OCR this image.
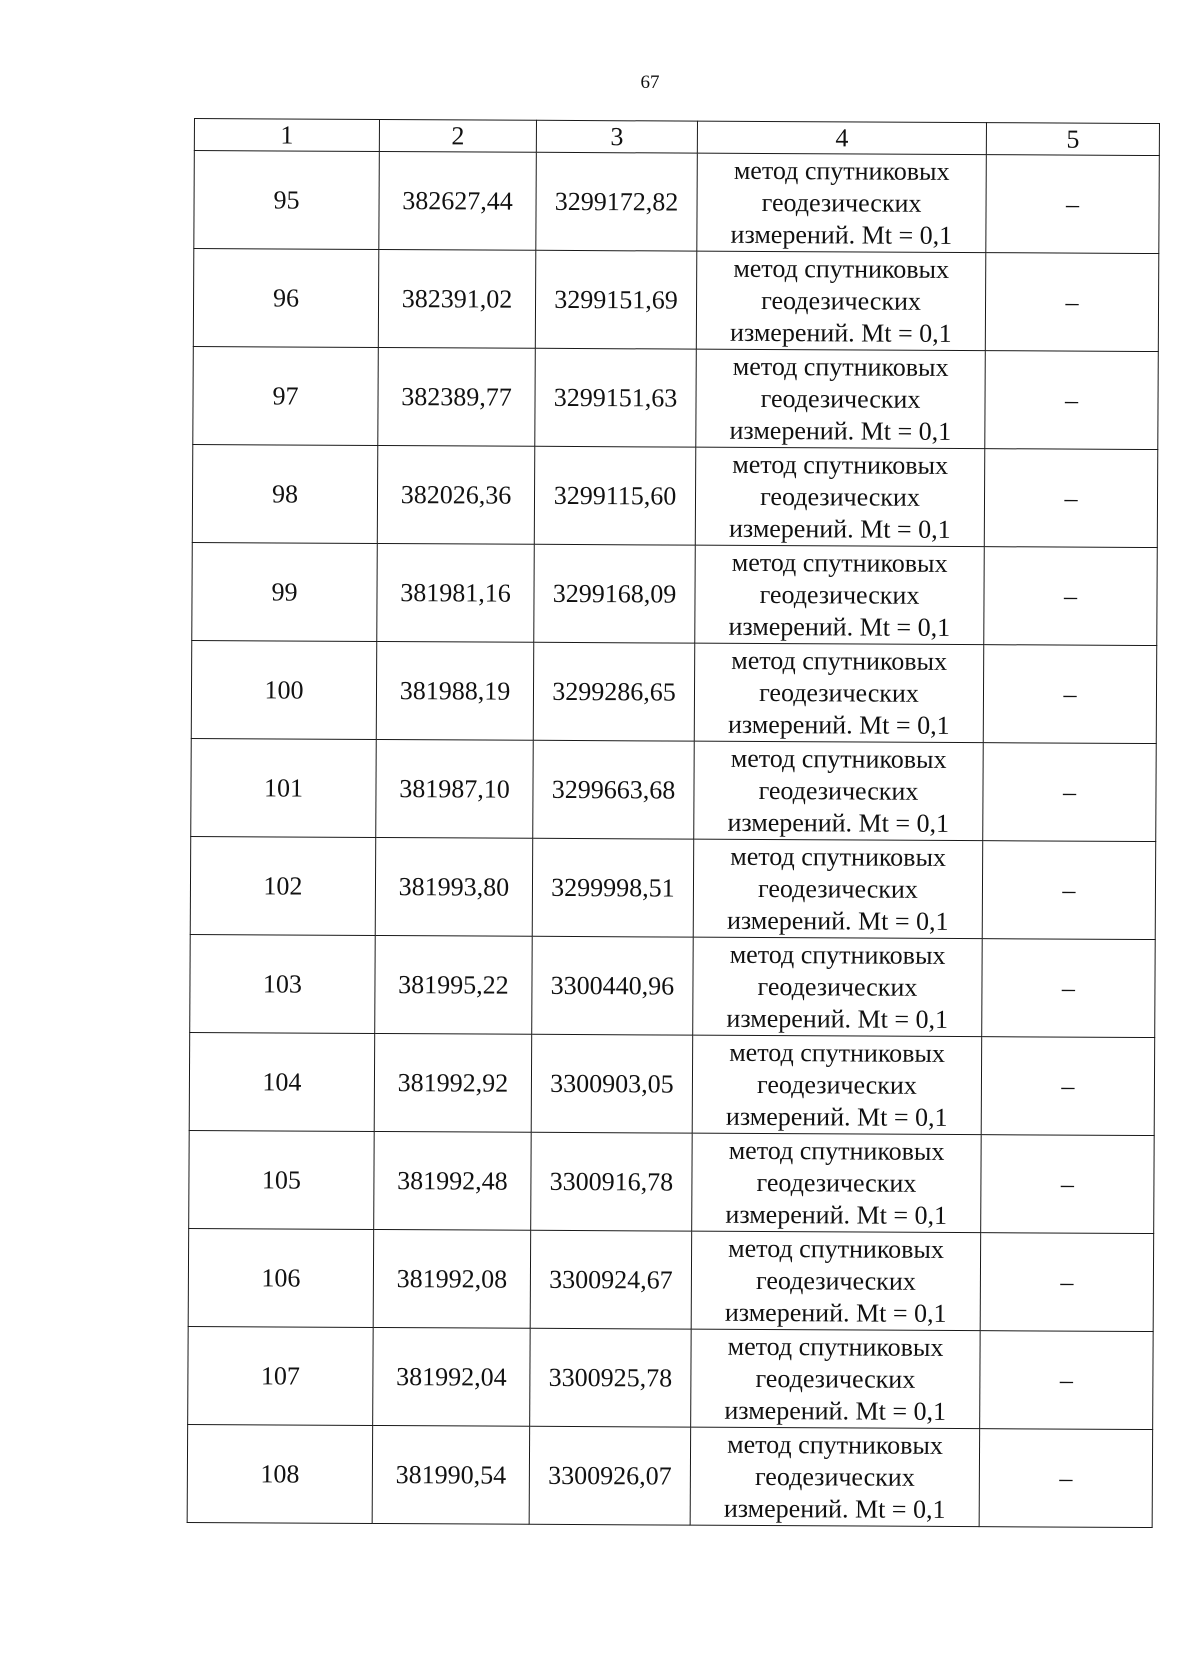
67
1	2	3	4	5
95	382627,44	3299172,82	метод спутниковых
геодезических
измерений. Mt = 0,1	–
96	382391,02	3299151,69	метод спутниковых
геодезических
измерений. Mt = 0,1	–
97	382389,77	3299151,63	метод спутниковых
геодезических
измерений. Mt = 0,1	–
98	382026,36	3299115,60	метод спутниковых
геодезических
измерений. Mt = 0,1	–
99	381981,16	3299168,09	метод спутниковых
геодезических
измерений. Mt = 0,1	–
100	381988,19	3299286,65	метод спутниковых
геодезических
измерений. Mt = 0,1	–
101	381987,10	3299663,68	метод спутниковых
геодезических
измерений. Mt = 0,1	–
102	381993,80	3299998,51	метод спутниковых
геодезических
измерений. Mt = 0,1	–
103	381995,22	3300440,96	метод спутниковых
геодезических
измерений. Mt = 0,1	–
104	381992,92	3300903,05	метод спутниковых
геодезических
измерений. Mt = 0,1	–
105	381992,48	3300916,78	метод спутниковых
геодезических
измерений. Mt = 0,1	–
106	381992,08	3300924,67	метод спутниковых
геодезических
измерений. Mt = 0,1	–
107	381992,04	3300925,78	метод спутниковых
геодезических
измерений. Mt = 0,1	–
108	381990,54	3300926,07	метод спутниковых
геодезических
измерений. Mt = 0,1	–
